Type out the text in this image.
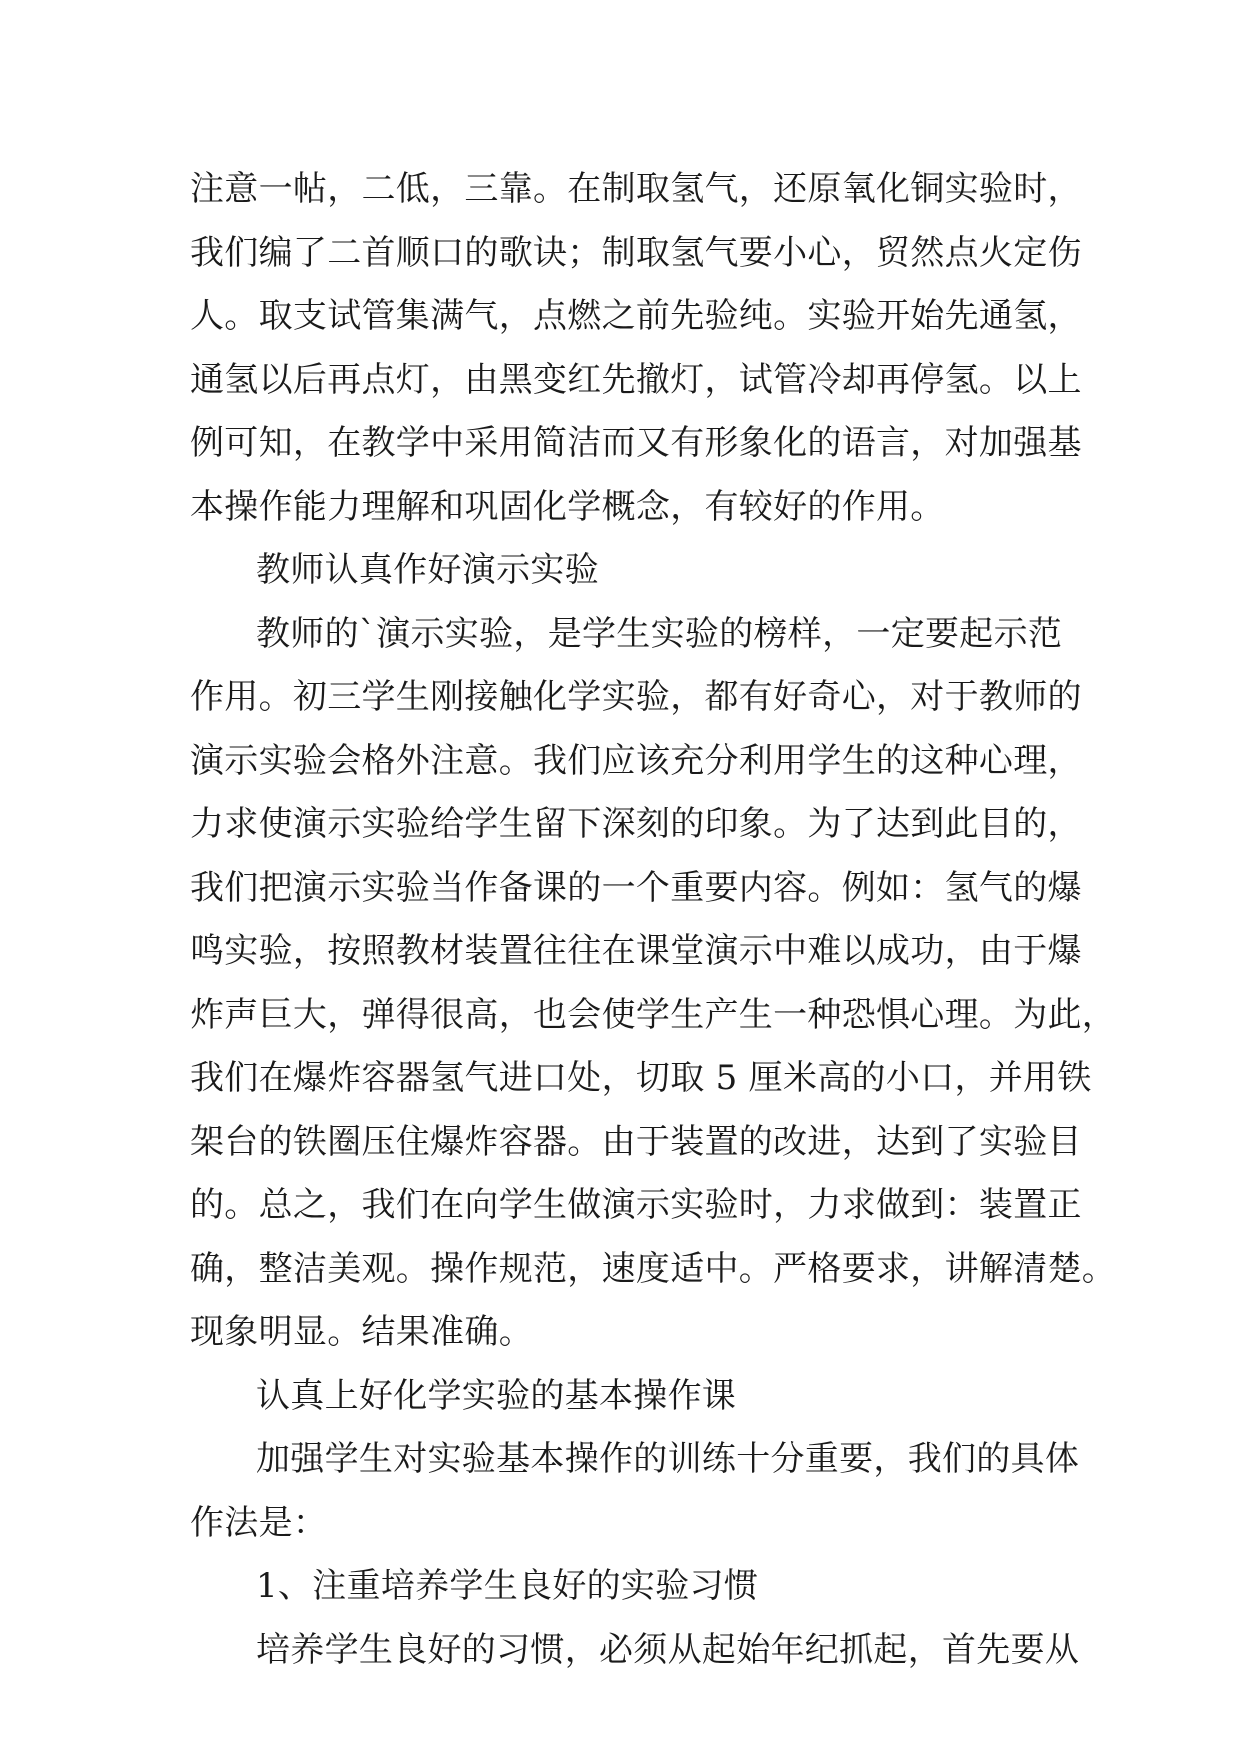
注意一帖，二低，三靠。在制取氢气，还原氧化铜实验时，
我们编了二首顺口的歌诀；制取氢气要小心，贸然点火定伤
人。取支试管集满气，点燃之前先验纯。实验开始先通氢，
通氢以后再点灯，由黑变红先撤灯，试管冷却再停氢。以上
例可知，在教学中采用简洁而又有形象化的语言，对加强基
本操作能力理解和巩固化学概念，有较好的作用。
教师认真作好演示实验
教师的`演示实验，是学生实验的榜样，一定要起示范
作用。初三学生刚接触化学实验，都有好奇心，对于教师的
演示实验会格外注意。我们应该充分利用学生的这种心理，
力求使演示实验给学生留下深刻的印象。为了达到此目的，
我们把演示实验当作备课的一个重要内容。例如：氢气的爆
鸣实验，按照教材装置往往在课堂演示中难以成功，由于爆
炸声巨大，弹得很高，也会使学生产生一种恐惧心理。为此，
我们在爆炸容器氢气进口处，切取 5 厘米高的小口，并用铁
架台的铁圈压住爆炸容器。由于装置的改进，达到了实验目
的。总之，我们在向学生做演示实验时，力求做到：装置正
确，整洁美观。操作规范，速度适中。严格要求，讲解清楚。
现象明显。结果准确。
认真上好化学实验的基本操作课
加强学生对实验基本操作的训练十分重要，我们的具体
作法是：
1、注重培养学生良好的实验习惯
培养学生良好的习惯，必须从起始年纪抓起，首先要从
